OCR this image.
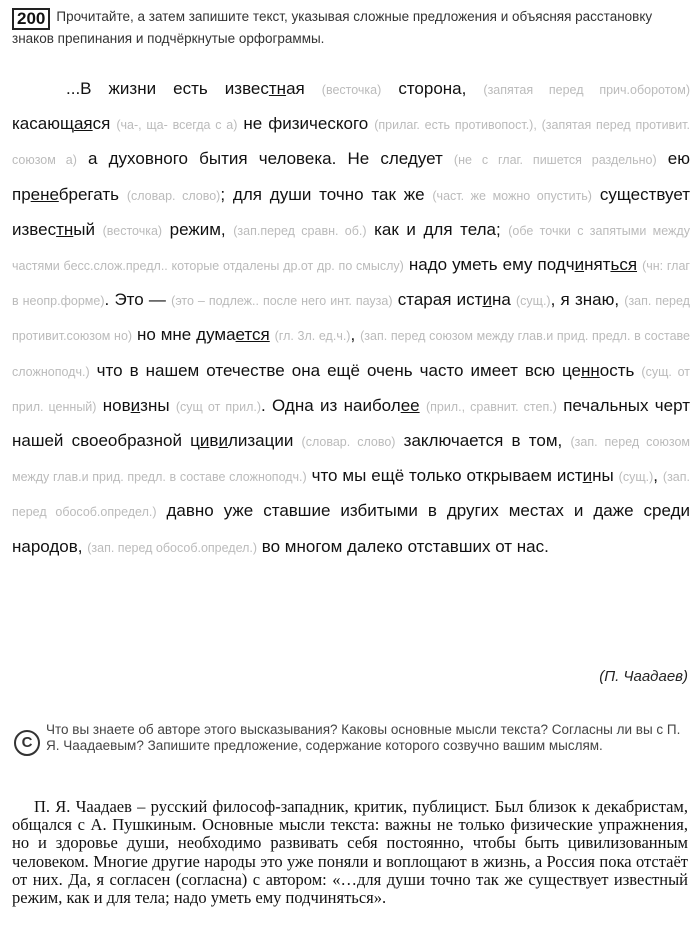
200 Прочитайте, а затем запишите текст, указывая сложные предложения и объясняя расстановку знаков препинания и подчёркнутые орфограммы.
...В жизни есть известная (весточка) сторона, (запятая перед прич.оборотом) касающаяся (ча-, ща- всегда с а) не физического (прилаг. есть противопост.), (запятая перед противит. союзом а) а духовного бытия человека. Не следует (не с глаг. пишется раздельно) ею пренебрегать (словар. слово); для души точно так же (част. же можно опустить) существует известный (весточка) режим, (зап.перед сравн. об.) как и для тела; (обе точки с запятыми между частями бесс.слож.предл.. которые отдалены др.от др. по смыслу) надо уметь ему подчиняться (чн: глаг в неопр.форме). Это — (это – подлеж.. после него инт. пауза) старая истина (сущ.), я знаю, (зап. перед противит.союзом но) но мне думается (гл. 3л. ед.ч.), (зап. перед союзом между глав.и прид. предл. в составе сложноподч.) что в нашем отечестве она ещё очень часто имеет всю ценность (сущ. от прил. ценный) новизны (сущ от прил.). Одна из наиболее (прил., сравнит. степ.) печальных черт нашей своеобразной цивилизации (словар. слово) заключается в том, (зап. перед союзом между глав.и прид. предл. в составе сложноподч.) что мы ещё только открываем истины (сущ.), (зап. перед обособ.определ.) давно уже ставшие избитыми в других местах и даже среди народов, (зап. перед обособ.определ.) во многом далеко отставших от нас.
(П. Чаадаев)
C
Что вы знаете об авторе этого высказывания? Каковы основные мысли текста? Согласны ли вы с П. Я. Чаадаевым? Запишите предложение, содержание которого созвучно вашим мыслям.
П. Я. Чаадаев – русский философ-западник, критик, публицист. Был близок к декабристам, общался с А. Пушкиным. Основные мысли текста: важны не только физические упражнения, но и здоровье души, необходимо развивать себя постоянно, чтобы быть цивилизованным человеком. Многие другие народы это уже поняли и воплощают в жизнь, а Россия пока отстаёт от них. Да, я согласен (согласна) с автором: «…для души точно так же существует известный режим, как и для тела; надо уметь ему подчиняться».
